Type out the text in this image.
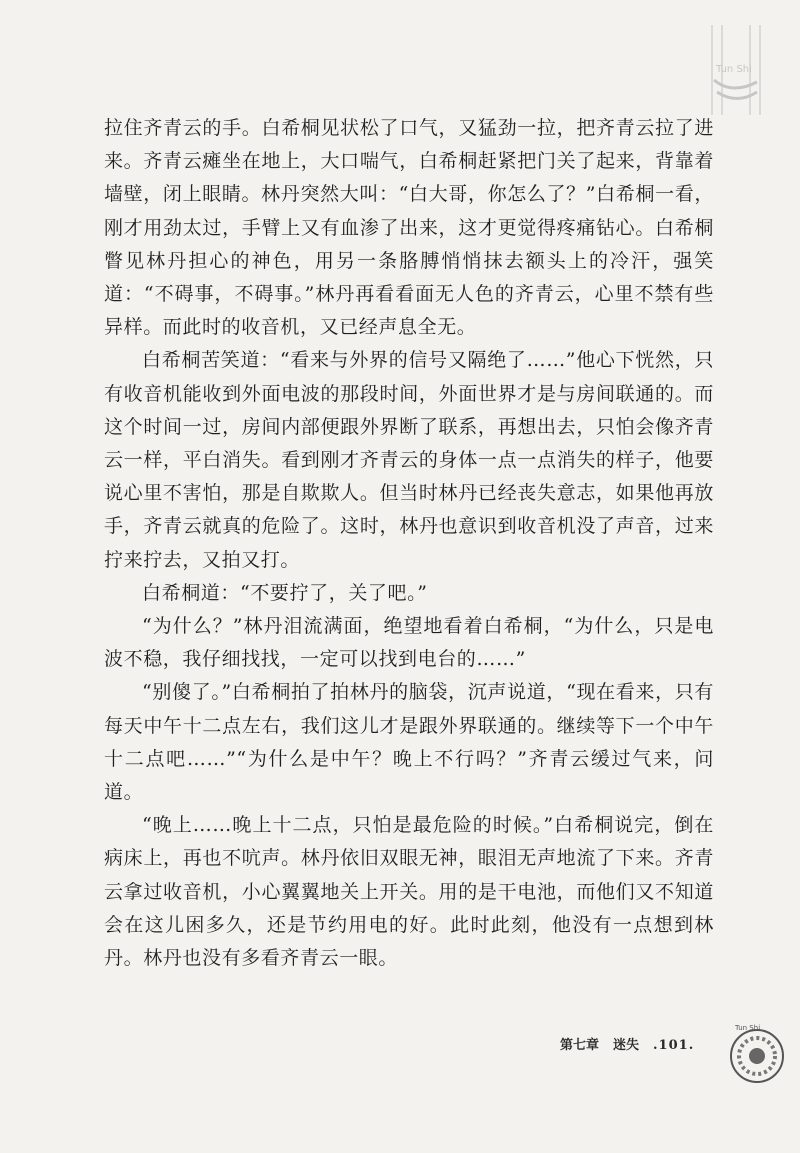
Tun Shi

拉住齐青云的手。白希桐见状松了口气，又猛劲一拉，把齐青云拉了进来。齐青云瘫坐在地上，大口喘气，白希桐赶紧把门关了起来，背靠着墙壁，闭上眼睛。林丹突然大叫：“白大哥，你怎么了？”白希桐一看，刚才用劲太过，手臂上又有血渗了出来，这才更觉得疼痛钻心。白希桐瞥见林丹担心的神色，用另一条胳膊悄悄抹去额头上的冷汗，强笑道：“不碍事，不碍事。”林丹再看看面无人色的齐青云，心里不禁有些异样。而此时的收音机，又已经声息全无。

白希桐苦笑道：“看来与外界的信号又隔绝了……”他心下恍然，只有收音机能收到外面电波的那段时间，外面世界才是与房间联通的。而这个时间一过，房间内部便跟外界断了联系，再想出去，只怕会像齐青云一样，平白消失。看到刚才齐青云的身体一点一点消失的样子，他要说心里不害怕，那是自欺欺人。但当时林丹已经丧失意志，如果他再放手，齐青云就真的危险了。这时，林丹也意识到收音机没了声音，过来拧来拧去，又拍又打。

白希桐道：“不要拧了，关了吧。”

“为什么？”林丹泪流满面，绝望地看着白希桐，“为什么，只是电波不稳，我仔细找找，一定可以找到电台的……”

“别傻了。”白希桐拍了拍林丹的脑袋，沉声说道，“现在看来，只有每天中午十二点左右，我们这儿才是跟外界联通的。继续等下一个中午十二点吧……”“为什么是中午？晚上不行吗？”齐青云缓过气来，问道。

“晚上……晚上十二点，只怕是最危险的时候。”白希桐说完，倒在病床上，再也不吭声。林丹依旧双眼无神，眼泪无声地流了下来。齐青云拿过收音机，小心翼翼地关上开关。用的是干电池，而他们又不知道会在这儿困多久，还是节约用电的好。此时此刻，他没有一点想到林丹。林丹也没有多看齐青云一眼。

第七章 迷失 .101.
Tun Shi
